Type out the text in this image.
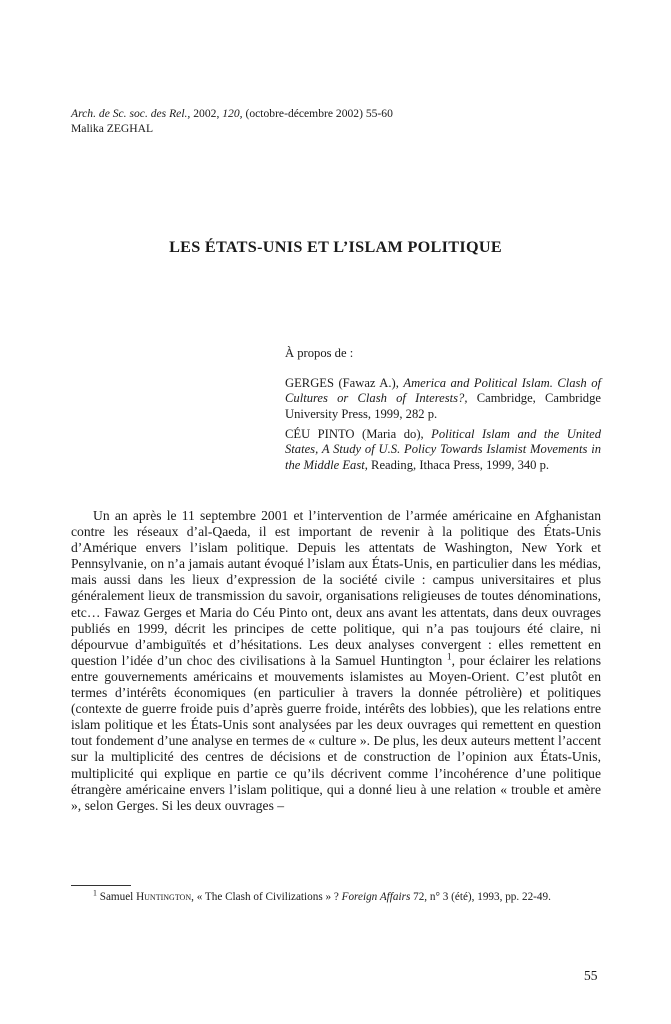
Arch. de Sc. soc. des Rel., 2002, 120, (octobre-décembre 2002) 55-60
Malika ZEGHAL
LES ÉTATS-UNIS ET L’ISLAM POLITIQUE

À propos de :

GERGES (Fawaz A.), America and Political Islam. Clash of Cultures or Clash of Interests?, Cambridge, Cambridge University Press, 1999, 282 p.

CÉU PINTO (Maria do), Political Islam and the United States, A Study of U.S. Policy Towards Islamist Movements in the Middle East, Reading, Ithaca Press, 1999, 340 p.

Un an après le 11 septembre 2001 et l’intervention de l’armée américaine en Afghanistan contre les réseaux d’al-Qaeda, il est important de revenir à la politique des États-Unis d’Amérique envers l’islam politique. Depuis les attentats de Washington, New York et Pennsylvanie, on n’a jamais autant évoqué l’islam aux États-Unis, en particulier dans les médias, mais aussi dans les lieux d’expression de la société civile : campus universitaires et plus généralement lieux de transmission du savoir, organisations religieuses de toutes dénominations, etc… Fawaz Gerges et Maria do Céu Pinto ont, deux ans avant les attentats, dans deux ouvrages publiés en 1999, décrit les principes de cette politique, qui n’a pas toujours été claire, ni dépourvue d’ambiguïtés et d’hésitations. Les deux analyses convergent : elles remettent en question l’idée d’un choc des civilisations à la Samuel Huntington $^1$, pour éclairer les relations entre gouvernements américains et mouvements islamistes au Moyen-Orient. C’est plutôt en termes d’intérêts économiques (en particulier à travers la donnée pétrolière) et politiques (contexte de guerre froide puis d’après guerre froide, intérêts des lobbies), que les relations entre islam politique et les États-Unis sont analysées par les deux ouvrages qui remettent en question tout fondement d’une analyse en termes de « culture ». De plus, les deux auteurs mettent l’accent sur la multiplicité des centres de décisions et de construction de l’opinion aux États-Unis, multiplicité qui explique en partie ce qu’ils décrivent comme l’incohérence d’une politique étrangère américaine envers l’islam politique, qui a donné lieu à une relation « trouble et amère », selon Gerges. Si les deux ouvrages –

$^1$ Samuel Huntington, « The Clash of Civilizations » ? Foreign Affairs 72, n° 3 (été), 1993, pp. 22-49.

55
